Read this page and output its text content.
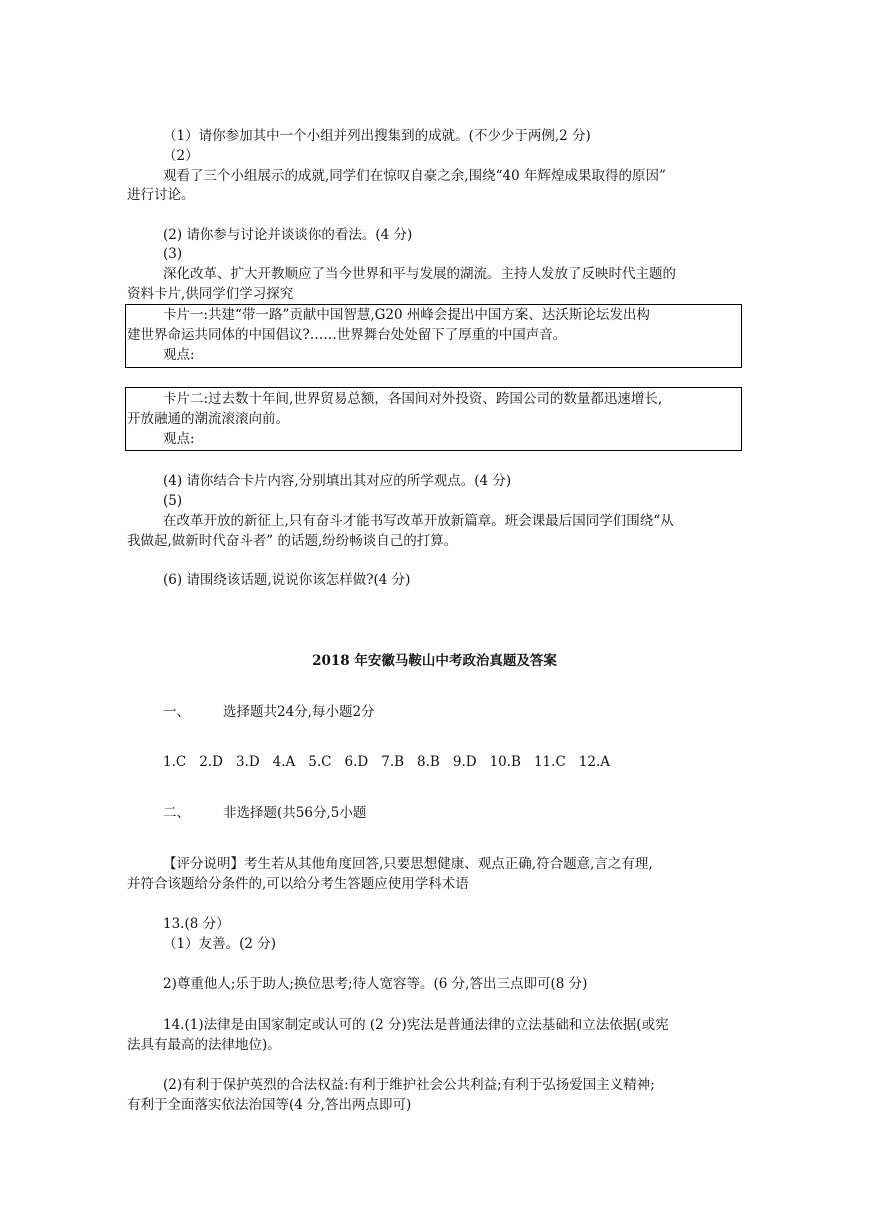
（1）请你参加其中一个小组并列出搜集到的成就。(不少少于两例,2 分)
（2）
观看了三个小组展示的成就,同学们在惊叹自豪之余,围绕“40 年辉煌成果取得的原因”
进行讨论。
(2) 请你参与讨论并谈谈你的看法。(4 分)
(3)
深化改革、扩大开教顺应了当今世界和平与发展的湖流。主持人发放了反映时代主题的
资料卡片,供同学们学习探究
卡片一:共建“带一路”贡献中国智慧,G20 州峰会提出中国方案、达沃斯论坛发出构
建世界命运共同体的中国倡议?……世界舞台处处留下了厚重的中国声音。
观点:
卡片二:过去数十年间,世界贸易总额，各国间对外投资、跨国公司的数量都迅速增长,
开放融通的潮流滚滚向前。
观点:
(4) 请你结合卡片内容,分别填出其对应的所学观点。(4 分)
(5)
在改革开放的新征上,只有奋斗才能书写改革开放新篇章。班会课最后国同学们围绕“从
我做起,做新时代奋斗者” 的话题,纷纷畅谈自己的打算。
(6) 请围绕该话题,说说你该怎样做?(4 分)
2018 年安徽马鞍山中考政治真题及答案
一、 选择题共24分,每小题2分
1.C 2.D 3.D 4.A 5.C 6.D 7.B 8.B 9.D 10.B 11.C 12.A
二、 非选择题(共56分,5小题
【评分说明】考生若从其他角度回答,只要思想健康、观点正确,符合题意,言之有理,
并符合该题给分条件的,可以给分考生答题应使用学科术语
13.(8 分）
（1）友善。(2 分)
2)尊重他人;乐于助人;换位思考;待人宽容等。(6 分,答出三点即可(8 分)
14.(1)法律是由国家制定或认可的 (2 分)宪法是普通法律的立法基础和立法依据(或宪
法具有最高的法律地位)。
(2)有利于保护英烈的合法权益:有利于维护社会公共利益;有利于弘扬爱国主义精神;
有利于全面落实依法治国等(4 分,答出两点即可)
